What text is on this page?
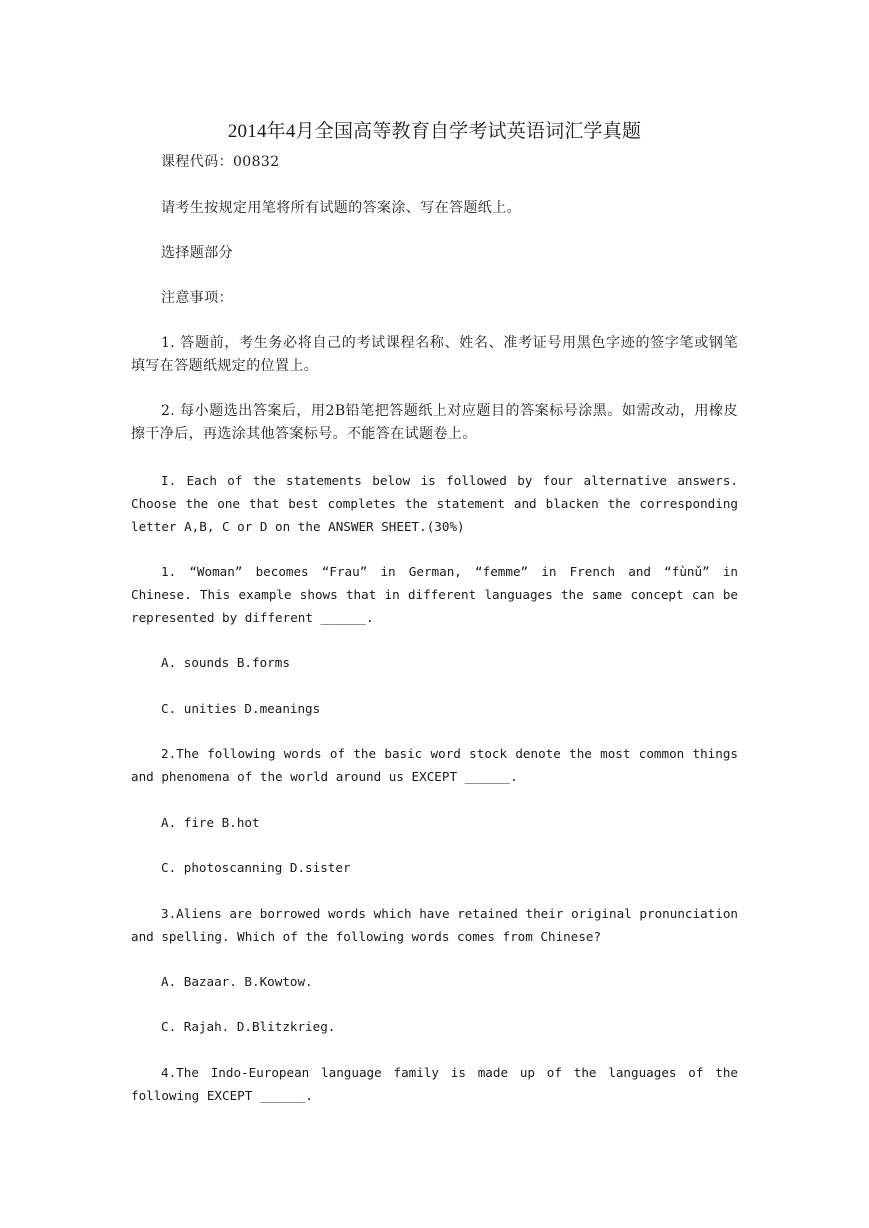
2014年4月全国高等教育自学考试英语词汇学真题
课程代码：00832
请考生按规定用笔将所有试题的答案涂、写在答题纸上。
选择题部分
注意事项：
1. 答题前，考生务必将自己的考试课程名称、姓名、准考证号用黑色字迹的签字笔或钢笔填写在答题纸规定的位置上。
2. 每小题选出答案后，用2B铅笔把答题纸上对应题目的答案标号涂黑。如需改动，用橡皮擦干净后，再选涂其他答案标号。不能答在试题卷上。
I. Each of the statements below is followed by four alternative answers. Choose the one that best completes the statement and blacken the corresponding letter A,B, C or D on the ANSWER SHEET.(30%)
1. “Woman” becomes “Frau” in German, “femme” in French and “fùnǔ” in Chinese. This example shows that in different languages the same concept can be represented by different ______.
A. sounds B.forms
C. unities D.meanings
2.The following words of the basic word stock denote the most common things and phenomena of the world around us EXCEPT ______.
A. fire B.hot
C. photoscanning D.sister
3.Aliens are borrowed words which have retained their original pronunciation and spelling. Which of the following words comes from Chinese?
A. Bazaar. B.Kowtow.
C. Rajah. D.Blitzkrieg.
4.The Indo-European language family is made up of the languages of the following EXCEPT ______.
